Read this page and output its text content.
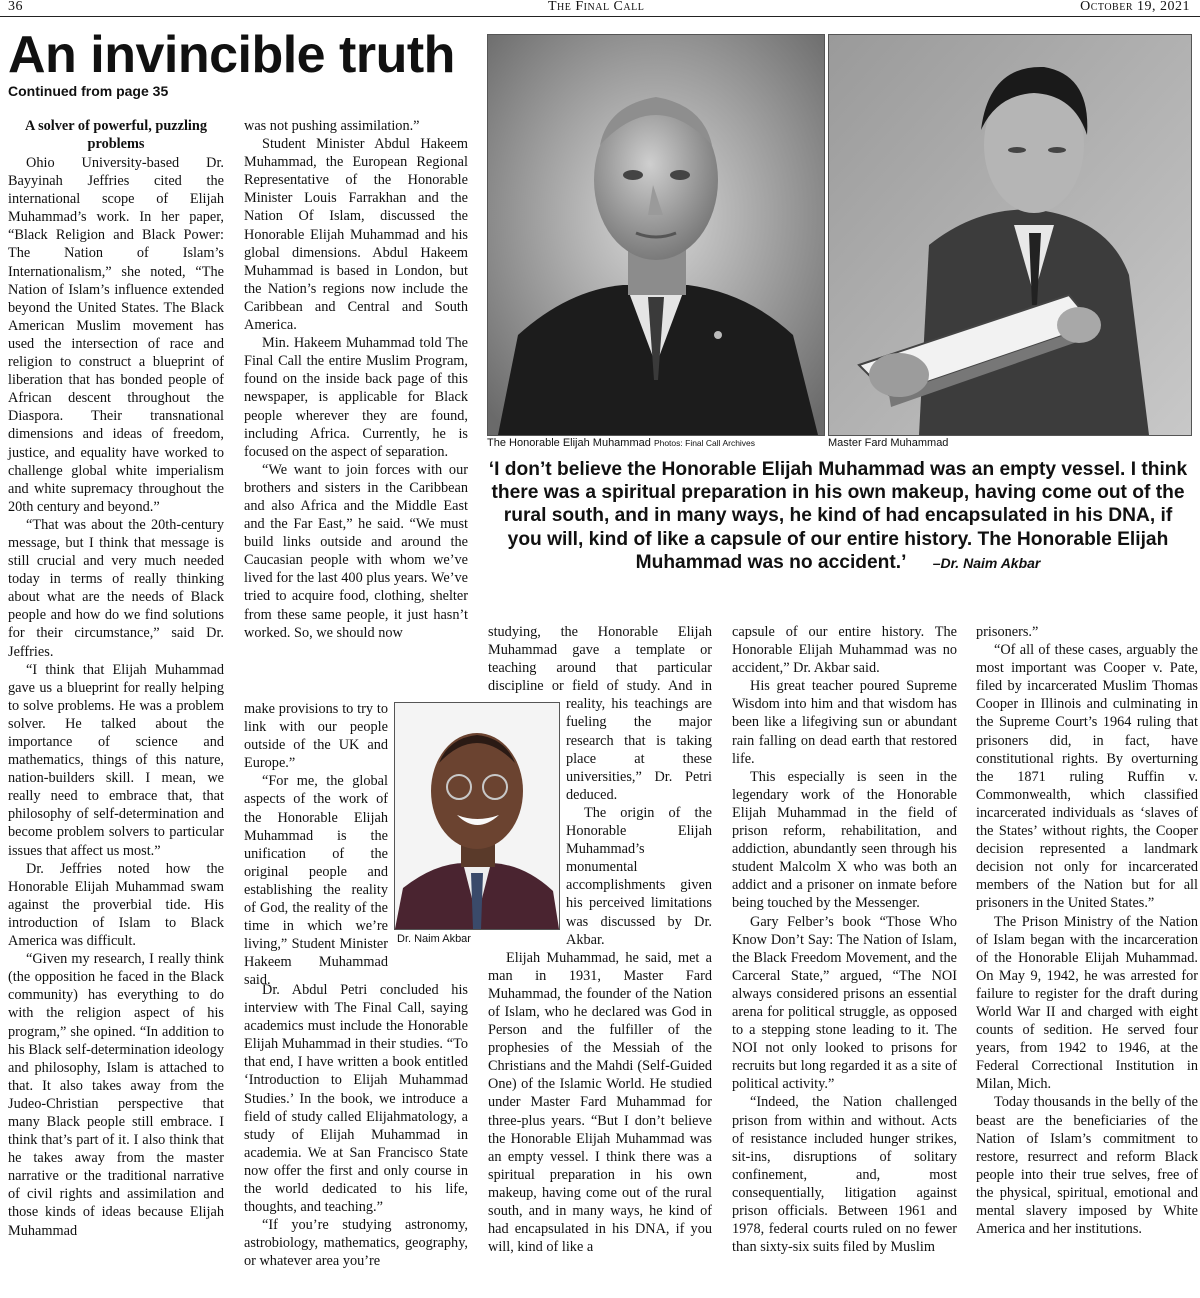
36	The Final Call	October 19, 2021
An invincible truth
Continued from page 35
The Honorable Elijah Muhammad Photos: Final Call Archives	Master Fard Muhammad
‘I don’t believe the Honorable Elijah Muhammad was an empty vessel. I think there was a spiritual preparation in his own makeup, having come out of the rural south, and in many ways, he kind of had encapsulated in his DNA, if you will, kind of like a capsule of our entire history. The Honorable Elijah Muhammad was no accident.’ –Dr. Naim Akbar
A solver of powerful, puzzling problems

Ohio University-based Dr. Bayyinah Jeffries cited the international scope of Elijah Muhammad’s work. In her paper, “Black Religion and Black Power: The Nation of Islam’s Internationalism,” she noted, “The Nation of Islam’s influence extended beyond the United States. The Black American Muslim movement has used the intersection of race and religion to construct a blueprint of liberation that has bonded people of African descent throughout the Diaspora. Their transnational dimensions and ideas of freedom, justice, and equality have worked to challenge global white imperialism and white supremacy throughout the 20th century and beyond.”

“That was about the 20th-century message, but I think that message is still crucial and very much needed today in terms of really thinking about what are the needs of Black people and how do we find solutions for their circumstance,” said Dr. Jeffries.

“I think that Elijah Muhammad gave us a blueprint for really helping to solve problems. He was a problem solver. He talked about the importance of science and mathematics, things of this nature, nation-builders skill. I mean, we really need to embrace that, that philosophy of self-determination and become problem solvers to particular issues that affect us most.”

Dr. Jeffries noted how the Honorable Elijah Muhammad swam against the proverbial tide. His introduction of Islam to Black America was difficult.

“Given my research, I really think (the opposition he faced in the Black community) has everything to do with the religion aspect of his program,” she opined. “In addition to his Black self-determination ideology and philosophy, Islam is attached to that. It also takes away from the Judeo-Christian perspective that many Black people still embrace. I think that’s part of it. I also think that he takes away from the master narrative or the traditional narrative of civil rights and assimilation and those kinds of ideas because Elijah Muhammad

was not pushing assimilation.”

Student Minister Abdul Hakeem Muhammad, the European Regional Representative of the Honorable Minister Louis Farrakhan and the Nation Of Islam, discussed the Honorable Elijah Muhammad and his global dimensions. Abdul Hakeem Muhammad is based in London, but the Nation’s regions now include the Caribbean and Central and South America.

Min. Hakeem Muhammad told The Final Call the entire Muslim Program, found on the inside back page of this newspaper, is applicable for Black people wherever they are found, including Africa. Currently, he is focused on the aspect of separation.

“We want to join forces with our brothers and sisters in the Caribbean and also Africa and the Middle East and the Far East,” he said. “We must build links outside and around the Caucasian people with whom we’ve lived for the last 400 plus years. We’ve tried to acquire food, clothing, shelter from these same people, it just hasn’t worked. So, we should now

make provisions to try to link with our people outside of the UK and Europe.”

“For me, the global aspects of the work of the Honorable Elijah Muhammad is the unification of the original people and establishing the reality of God, the reality of the time in which we’re living,” Student Minister Hakeem Muhammad said.

Dr. Abdul Petri concluded his interview with The Final Call, saying academics must include the Honorable Elijah Muhammad in their studies. “To that end, I have written a book entitled ‘Introduction to Elijah Muhammad Studies.’ In the book, we introduce a field of study called Elijahmatology, a study of Elijah Muhammad in academia. We at San Francisco State now offer the first and only course in the world dedicated to his life, thoughts, and teaching.”

“If you’re studying astronomy, astrobiology, mathematics, geography, or whatever area you’re

Dr. Naim Akbar

studying, the Honorable Elijah Muhammad gave a template or teaching around that particular discipline or field of study. And in reality, his teachings are fueling the major research that is taking place at these universities,” Dr. Petri deduced.

The origin of the Honorable Elijah Muhammad’s monumental accomplishments given his perceived limitations was discussed by Dr. Akbar.

Elijah Muhammad, he said, met a man in 1931, Master Fard Muhammad, the founder of the Nation of Islam, who he declared was God in Person and the fulfiller of the prophesies of the Messiah of the Christians and the Mahdi (Self-Guided One) of the Islamic World. He studied under Master Fard Muhammad for three-plus years. “But I don’t believe the Honorable Elijah Muhammad was an empty vessel. I think there was a spiritual preparation in his own makeup, having come out of the rural south, and in many ways, he kind of had encapsulated in his DNA, if you will, kind of like a

capsule of our entire history. The Honorable Elijah Muhammad was no accident,” Dr. Akbar said.

His great teacher poured Supreme Wisdom into him and that wisdom has been like a lifegiving sun or abundant rain falling on dead earth that restored life.

This especially is seen in the legendary work of the Honorable Elijah Muhammad in the field of prison reform, rehabilitation, and addiction, abundantly seen through his student Malcolm X who was both an addict and a prisoner on inmate before being touched by the Messenger.

Gary Felber’s book “Those Who Know Don’t Say: The Nation of Islam, the Black Freedom Movement, and the Carceral State,” argued, “The NOI always considered prisons an essential arena for political struggle, as opposed to a stepping stone leading to it. The NOI not only looked to prisons for recruits but long regarded it as a site of political activity.”

“Indeed, the Nation challenged prison from within and without. Acts of resistance included hunger strikes, sit-ins, disruptions of solitary confinement, and, most consequentially, litigation against prison officials. Between 1961 and 1978, federal courts ruled on no fewer than sixty-six suits filed by Muslim

prisoners.”

“Of all of these cases, arguably the most important was Cooper v. Pate, filed by incarcerated Muslim Thomas Cooper in Illinois and culminating in the Supreme Court’s 1964 ruling that prisoners did, in fact, have constitutional rights. By overturning the 1871 ruling Ruffin v. Commonwealth, which classified incarcerated individuals as ‘slaves of the States’ without rights, the Cooper decision represented a landmark decision not only for incarcerated members of the Nation but for all prisoners in the United States.”

The Prison Ministry of the Nation of Islam began with the incarceration of the Honorable Elijah Muhammad. On May 9, 1942, he was arrested for failure to register for the draft during World War II and charged with eight counts of sedition. He served four years, from 1942 to 1946, at the Federal Correctional Institution in Milan, Mich.

Today thousands in the belly of the beast are the beneficiaries of the Nation of Islam’s commitment to restore, resurrect and reform Black people into their true selves, free of the physical, spiritual, emotional and mental slavery imposed by White America and her institutions.
